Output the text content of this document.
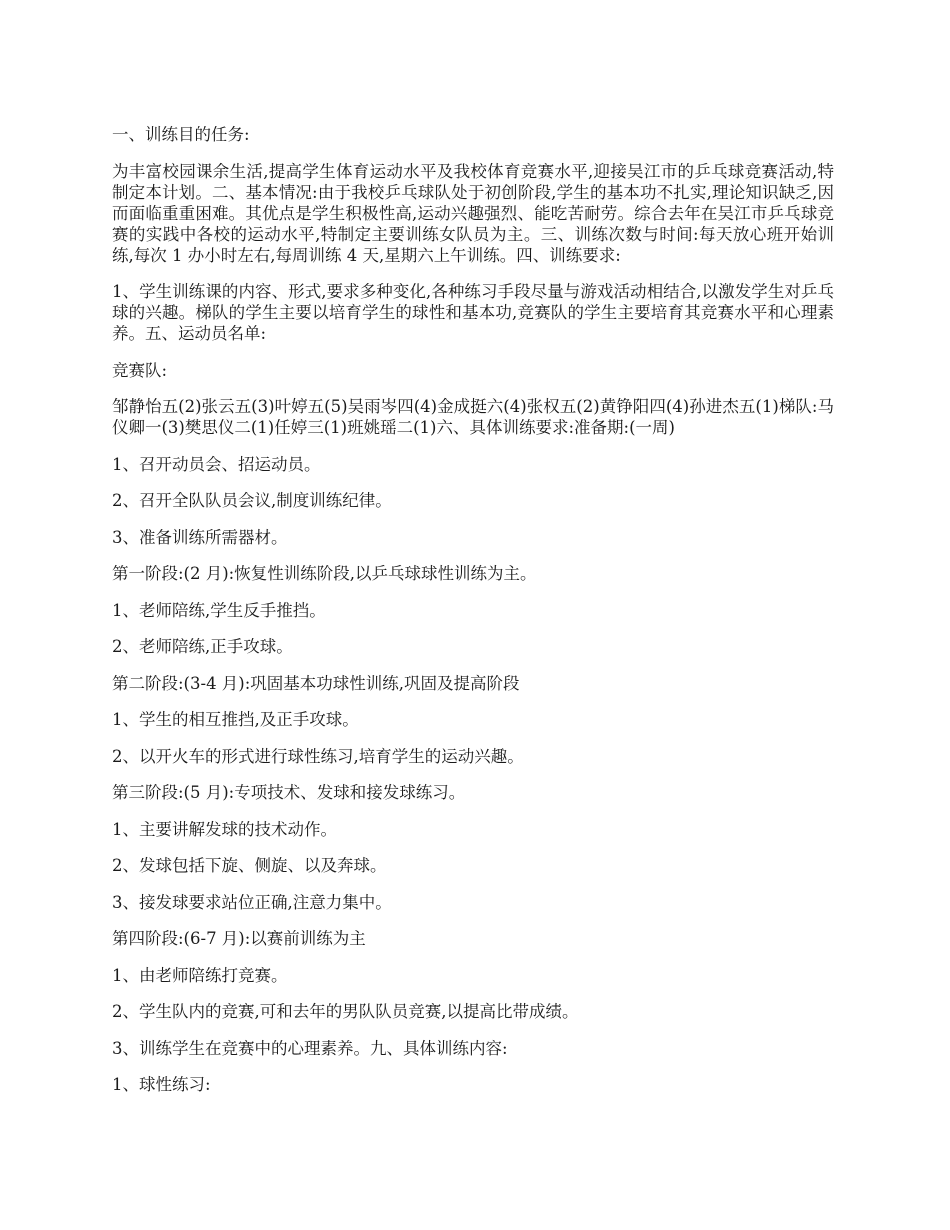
一、训练目的任务:

为丰富校园课余生活,提高学生体育运动水平及我校体育竞赛水平,迎接吴江市的乒乓球竞赛活动,特制定本计划。二、基本情况:由于我校乒乓球队处于初创阶段,学生的基本功不扎实,理论知识缺乏,因而面临重重困难。其优点是学生积极性高,运动兴趣强烈、能吃苦耐劳。综合去年在吴江市乒乓球竞赛的实践中各校的运动水平,特制定主要训练女队员为主。三、训练次数与时间:每天放心班开始训练,每次 1 办小时左右,每周训练 4 天,星期六上午训练。四、训练要求:

1、学生训练课的内容、形式,要求多种变化,各种练习手段尽量与游戏活动相结合,以激发学生对乒乓球的兴趣。梯队的学生主要以培育学生的球性和基本功,竞赛队的学生主要培育其竞赛水平和心理素养。五、运动员名单:

竞赛队:

邹静怡五(2)张云五(3)叶婷五(5)吴雨岑四(4)金成挺六(4)张权五(2)黄铮阳四(4)孙进杰五(1)梯队:马仪卿一(3)樊思仪二(1)任婷三(1)班姚瑶二(1)六、具体训练要求:准备期:(一周)

1、召开动员会、招运动员。

2、召开全队队员会议,制度训练纪律。

3、准备训练所需器材。

第一阶段:(2 月):恢复性训练阶段,以乒乓球球性训练为主。

1、老师陪练,学生反手推挡。

2、老师陪练,正手攻球。

第二阶段:(3-4 月):巩固基本功球性训练,巩固及提高阶段

1、学生的相互推挡,及正手攻球。

2、以开火车的形式进行球性练习,培育学生的运动兴趣。

第三阶段:(5 月):专项技术、发球和接发球练习。

1、主要讲解发球的技术动作。

2、发球包括下旋、侧旋、以及奔球。

3、接发球要求站位正确,注意力集中。

第四阶段:(6-7 月):以赛前训练为主

1、由老师陪练打竞赛。

2、学生队内的竞赛,可和去年的男队队员竞赛,以提高比带成绩。

3、训练学生在竞赛中的心理素养。九、具体训练内容:

1、球性练习:
